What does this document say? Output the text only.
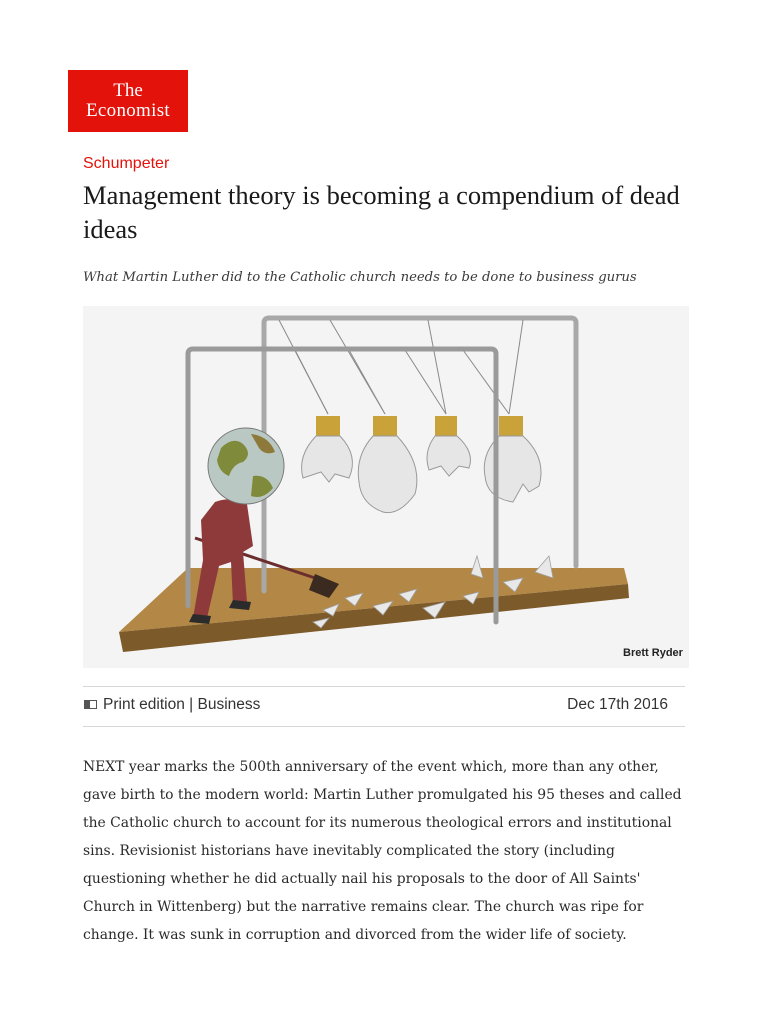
The
Economist
Schumpeter
Management theory is becoming a compendium of dead ideas

What Martin Luther did to the Catholic church needs to be done to business gurus

Brett Ryder
Print edition | Business	Dec 17th 2016

NEXT year marks the 500th anniversary of the event which, more than any other, gave birth to the modern world: Martin Luther promulgated his 95 theses and called the Catholic church to account for its numerous theological errors and institutional sins. Revisionist historians have inevitably complicated the story (including questioning whether he did actually nail his proposals to the door of All Saints' Church in Wittenberg) but the narrative remains clear. The church was ripe for change. It was sunk in corruption and divorced from the wider life of society.
